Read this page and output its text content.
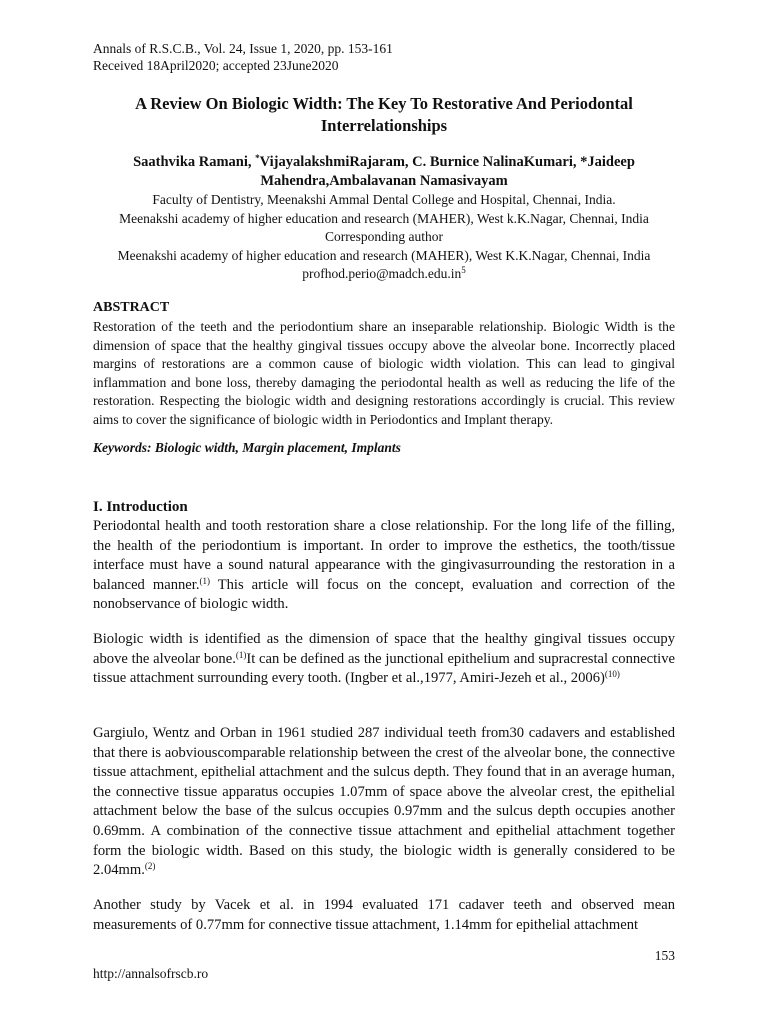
Annals of R.S.C.B., Vol. 24, Issue 1, 2020, pp. 153-161
Received 18April2020; accepted 23June2020
A Review On Biologic Width: The Key To Restorative And Periodontal Interrelationships
Saathvika Ramani, *VijayalakshmiRajaram, C. Burnice NalinaKumari, *Jaideep Mahendra,Ambalavanan Namasivayam
Faculty of Dentistry, Meenakshi Ammal Dental College and Hospital, Chennai, India.
Meenakshi academy of higher education and research (MAHER), West k.K.Nagar, Chennai, India
Corresponding author
Meenakshi academy of higher education and research (MAHER), West K.K.Nagar, Chennai, India
$profhod.perio@madch.edu.in^5$
ABSTRACT
Restoration of the teeth and the periodontium share an inseparable relationship. Biologic Width is the dimension of space that the healthy gingival tissues occupy above the alveolar bone. Incorrectly placed margins of restorations are a common cause of biologic width violation. This can lead to gingival inflammation and bone loss, thereby damaging the periodontal health as well as reducing the life of the restoration. Respecting the biologic width and designing restorations accordingly is crucial. This review aims to cover the significance of biologic width in Periodontics and Implant therapy.
Keywords: Biologic width, Margin placement, Implants
I. Introduction
Periodontal health and tooth restoration share a close relationship. For the long life of the filling, the health of the periodontium is important. In order to improve the esthetics, the tooth/tissue interface must have a sound natural appearance with the gingivasurrounding the restoration in a balanced manner.$^{(1)}$ This article will focus on the concept, evaluation and correction of the nonobservance of biologic width.
Biologic width is identified as the dimension of space that the healthy gingival tissues occupy above the alveolar bone.$^{(1)}$It can be defined as the junctional epithelium and supracrestal connective tissue attachment surrounding every tooth. (Ingber et al.,1977, Amiri-Jezeh et al., 2006)$^{(10)}$
Gargiulo, Wentz and Orban in 1961 studied 287 individual teeth from30 cadavers and established that there is aobviouscomparable relationship between the crest of the alveolar bone, the connective tissue attachment, epithelial attachment and the sulcus depth. They found that in an average human, the connective tissue apparatus occupies 1.07mm of space above the alveolar crest, the epithelial attachment below the base of the sulcus occupies 0.97mm and the sulcus depth occupies another 0.69mm. A combination of the connective tissue attachment and epithelial attachment together form the biologic width. Based on this study, the biologic width is generally considered to be 2.04mm.$^{(2)}$
Another study by Vacek et al. in 1994 evaluated 171 cadaver teeth and observed mean measurements of 0.77mm for connective tissue attachment, 1.14mm for epithelial attachment
153
http://annalsofrscb.ro
